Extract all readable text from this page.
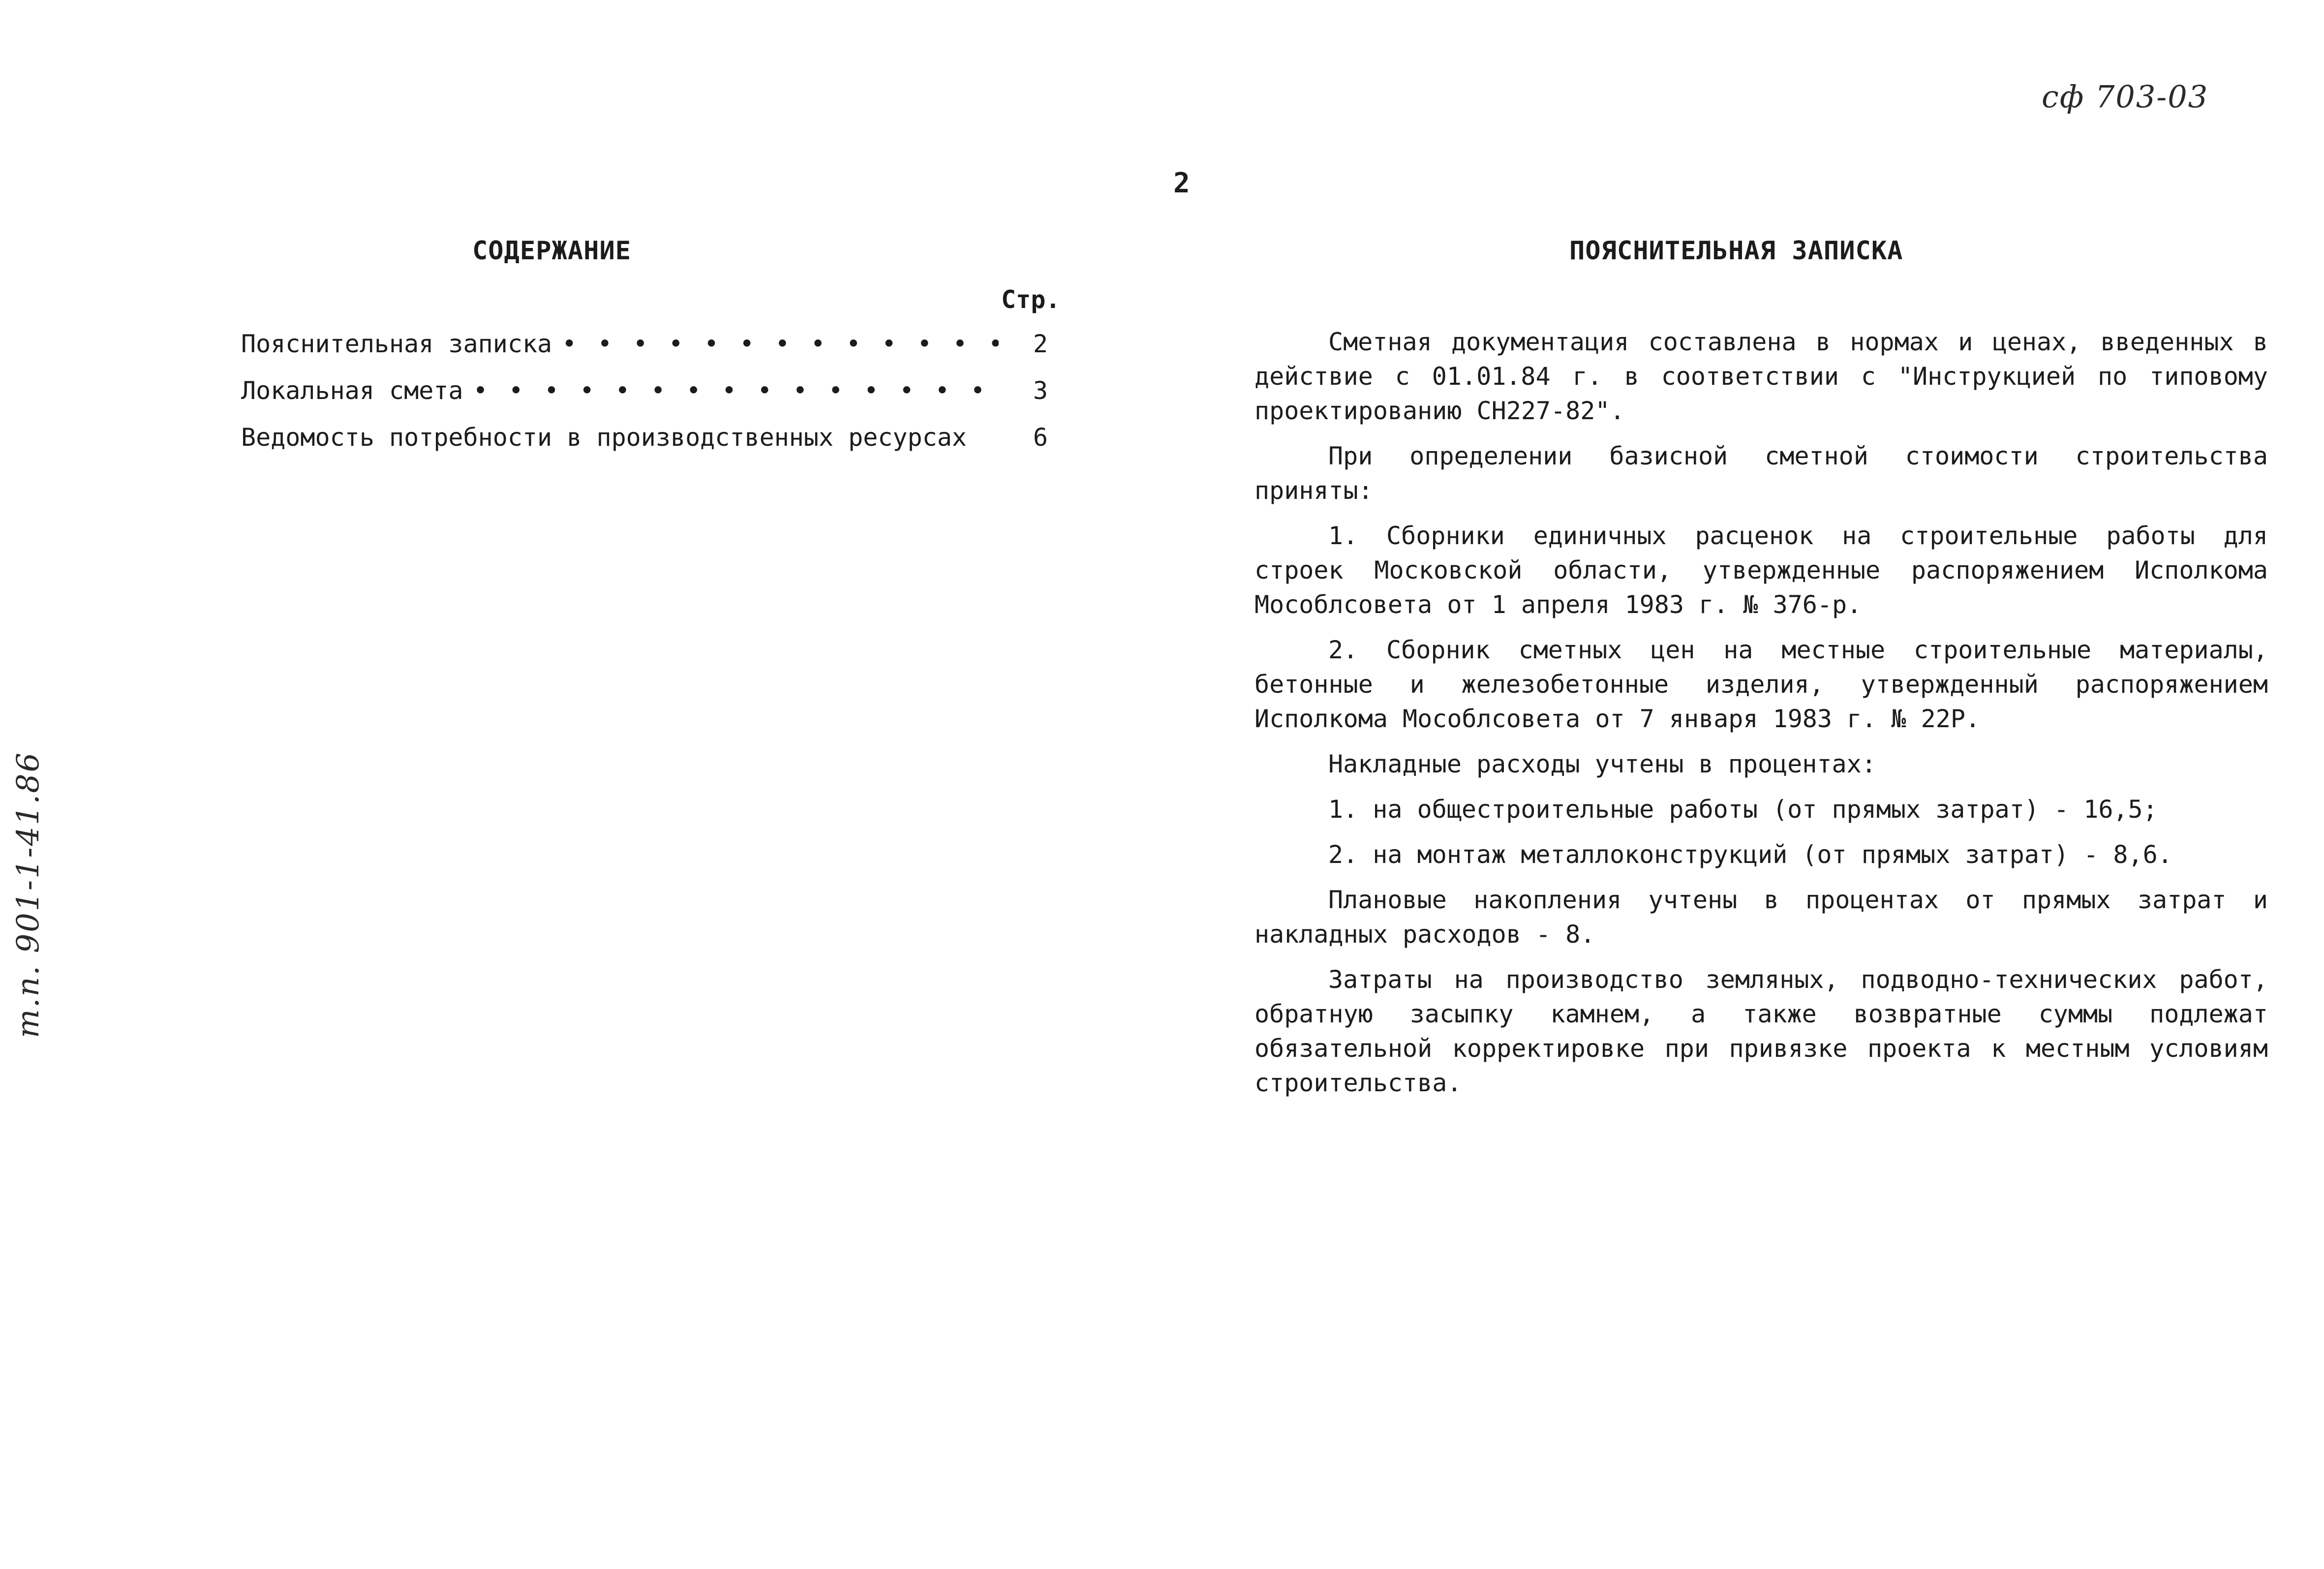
сф 703-03
т.п. 901-1-41.86
2
СОДЕРЖАНИЕ
Стр.
Пояснительная записка • • •	2
Локальная смета • • •	3
Ведомость потребности в производственных ресурсах	6
ПОЯСНИТЕЛЬНАЯ ЗАПИСКА

Сметная документация составлена в нормах и ценах, введенных в действие с 01.01.84 г. в соответствии с "Инструкцией по типовому проектированию СН227-82".

При определении базисной сметной стоимости строительства приняты:

1. Сборники единичных расценок на строительные работы для строек Московской области, утвержденные распоряжением Исполкома Мособлсовета от 1 апреля 1983 г. № 376-р.

2. Сборник сметных цен на местные строительные материалы, бетонные и железобетонные изделия, утвержденный распоряжением Исполкома Мособлсовета от 7 января 1983 г. № 22Р.

Накладные расходы учтены в процентах:

1. на общестроительные работы (от прямых затрат) - 16,5;

2. на монтаж металлоконструкций (от прямых затрат) - 8,6.

Плановые накопления учтены в процентах от прямых затрат и накладных расходов - 8.

Затраты на производство земляных, подводно-технических работ, обратную засыпку камнем, а также возвратные суммы подлежат обязательной корректировке при привязке проекта к местным условиям строительства.
